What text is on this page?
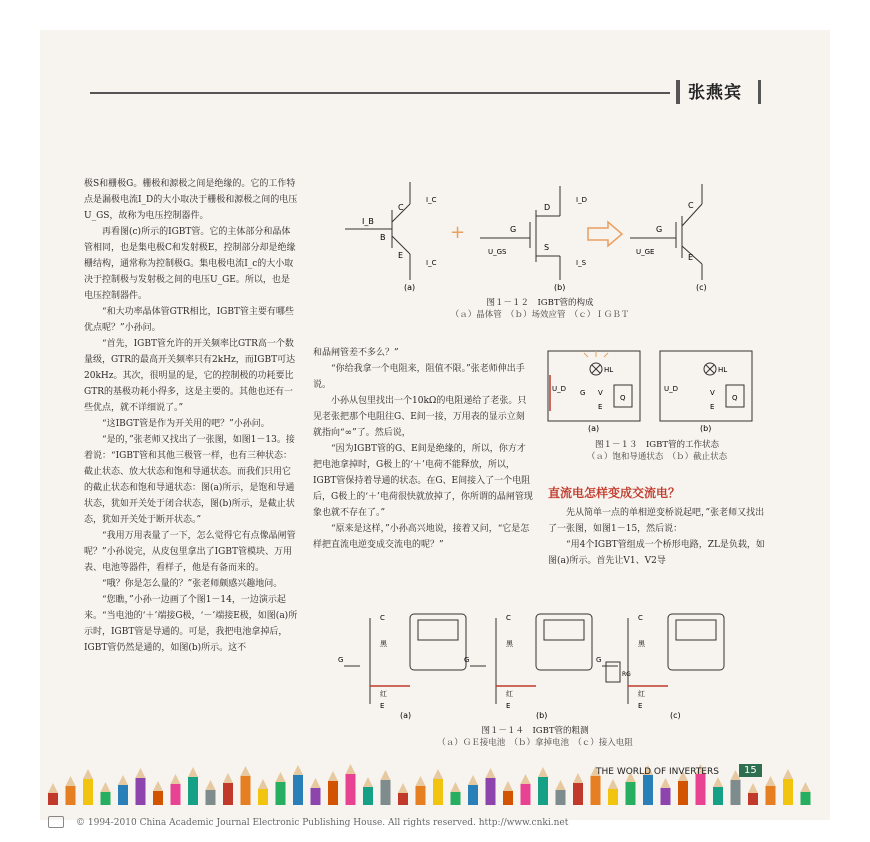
张燕宾

极S和栅极G。栅极和源极之间是绝缘的。它的工作特点是漏极电流I_D的大小取决于栅极和源极之间的电压U_GS，故称为电压控制器件。

再看图(c)所示的IGBT管。它的主体部分和晶体管相同，也是集电极C和发射极E，控制部分却是绝缘栅结构，通常称为控制极G。集电极电流I_c的大小取决于控制极与发射极之间的电压U_GE。所以，也是电压控制器件。

“和大功率晶体管GTR相比，IGBT管主要有哪些优点呢？”小孙问。

“首先，IGBT管允许的开关频率比GTR高一个数量级，GTR的最高开关频率只有2kHz，而IGBT可达20kHz。其次，很明显的是，它的控制极的功耗要比GTR的基极功耗小得多，这是主要的。其他也还有一些优点，就不详细说了。”

“这IBGT管是作为开关用的吧？”小孙问。

“是的，”张老师又找出了一张图，如图1－13。接着说：“IGBT管和其他三极管一样，也有三种状态：截止状态、放大状态和饱和导通状态。而我们只用它的截止状态和饱和导通状态：图(a)所示，是饱和导通状态，犹如开关处于闭合状态，图(b)所示，是截止状态，犹如开关处于断开状态。”

“我用万用表量了一下，怎么觉得它有点像晶闸管呢？”小孙说完，从皮包里拿出了IGBT管模块、万用表、电池等器件，看样子，他是有备而来的。

“哦？你是怎么量的？”张老师颇感兴趣地问。

“您瞧，”小孙一边画了个图1－14，一边演示起来。“当电池的‘＋’端接G极，‘－’端接E极，如图(a)所示时，IGBT管是导通的。可是，我把电池拿掉后，IGBT管仍然是通的，如图(b)所示。这不

和晶闸管差不多么？”

“你给我拿一个电阻来，阻值不限。”张老师伸出手说。

小孙从包里找出一个10kΩ的电阻递给了老张。只见老张把那个电阻往G、E间一接，万用表的显示立刻就指向“∞”了。然后说，

“因为IGBT管的G、E间是绝缘的，所以，你方才把电池拿掉时，G极上的‘＋’电荷不能释放，所以，IGBT管保持着导通的状态。在G、E间接入了一个电阻后，G极上的‘＋’电荷很快就放掉了，你所谓的晶闸管现象也就不存在了。”

“原来是这样，”小孙高兴地说，接着又问，“它是怎样把直流电逆变成交流电的呢？”

先从简单一点的单相逆变桥说起吧，”张老师又找出了一张图，如图1－15，然后说：

“用4个IGBT管组成一个桥形电路，ZL是负载，如图(a)所示。首先让V1、V2导

直流电怎样变成交流电？
I_B
B
C
E
I_C
I_C
(a)
+
D
G
S
U_GS
I_D
I_S
(b)
C
G
E
U_GE
(c)
图１－１２　IGBT管的构成
（ａ）晶体管　（ｂ）场效应管　（ｃ）ＩＧＢＴ
HL	HL
U_D	U_D
Q	Q
V	V
G
E	E
(a)	(b)
图１－１３　IGBT管的工作状态
（ａ）饱和导通状态　（ｂ）截止状态
C	C	C
黑	黑	黑
G	G	G
RG
红	红	红
E	E	E
(a)	(b)	(c)
图１－１４　IGBT管的粗测
（ａ）ＧＥ接电池　（ｂ）拿掉电池　（ｃ）接入电阻
THE WORLD OF INVERTERS	15
© 1994-2010 China Academic Journal Electronic Publishing House. All rights reserved. http://www.cnki.net
